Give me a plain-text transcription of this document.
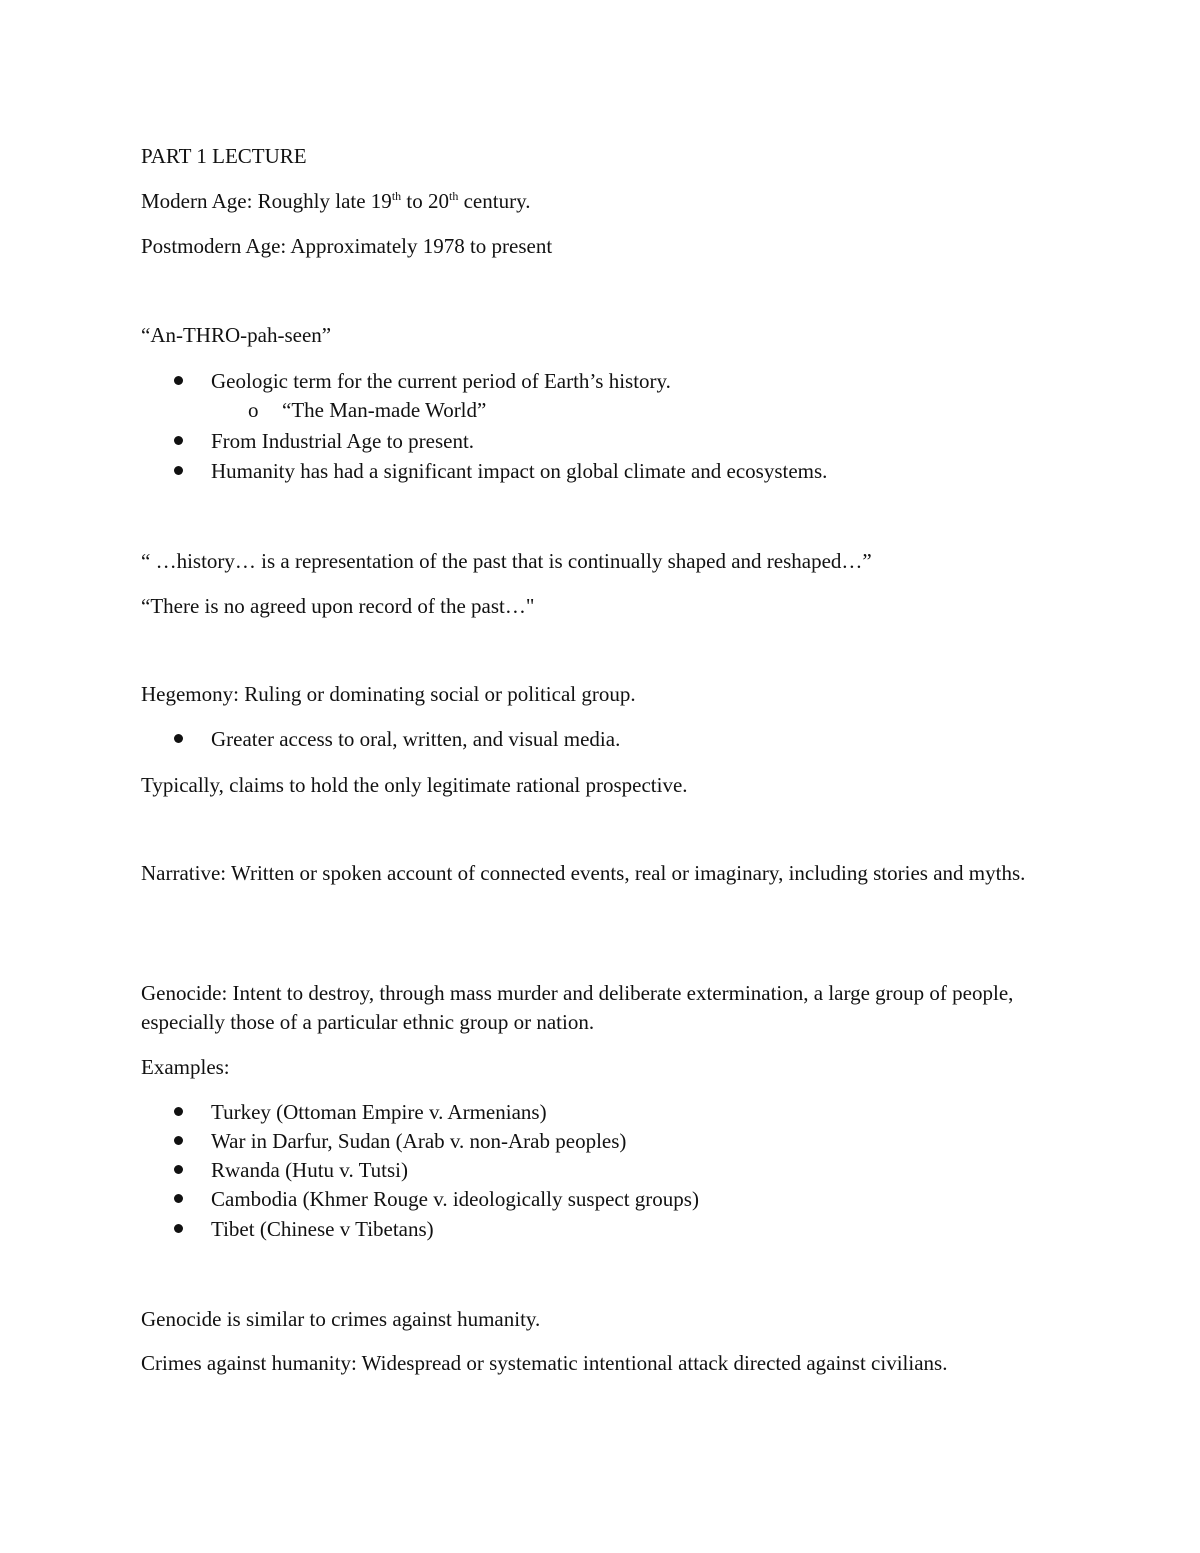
PART 1 LECTURE
Modern Age: Roughly late 19th to 20th century.
Postmodern Age: Approximately 1978 to present
“An-THRO-pah-seen”
Geologic term for the current period of Earth’s history.
o “The Man-made World”
From Industrial Age to present.
Humanity has had a significant impact on global climate and ecosystems.
“ …history… is a representation of the past that is continually shaped and reshaped…”
“There is no agreed upon record of the past…"
Hegemony: Ruling or dominating social or political group.
Greater access to oral, written, and visual media.
Typically, claims to hold the only legitimate rational prospective.
Narrative: Written or spoken account of connected events, real or imaginary, including stories and myths.
Genocide: Intent to destroy, through mass murder and deliberate extermination, a large group of people, especially those of a particular ethnic group or nation.
Examples:
Turkey (Ottoman Empire v. Armenians)
War in Darfur, Sudan (Arab v. non-Arab peoples)
Rwanda (Hutu v. Tutsi)
Cambodia (Khmer Rouge v. ideologically suspect groups)
Tibet (Chinese v Tibetans)
Genocide is similar to crimes against humanity.
Crimes against humanity: Widespread or systematic intentional attack directed against civilians.
